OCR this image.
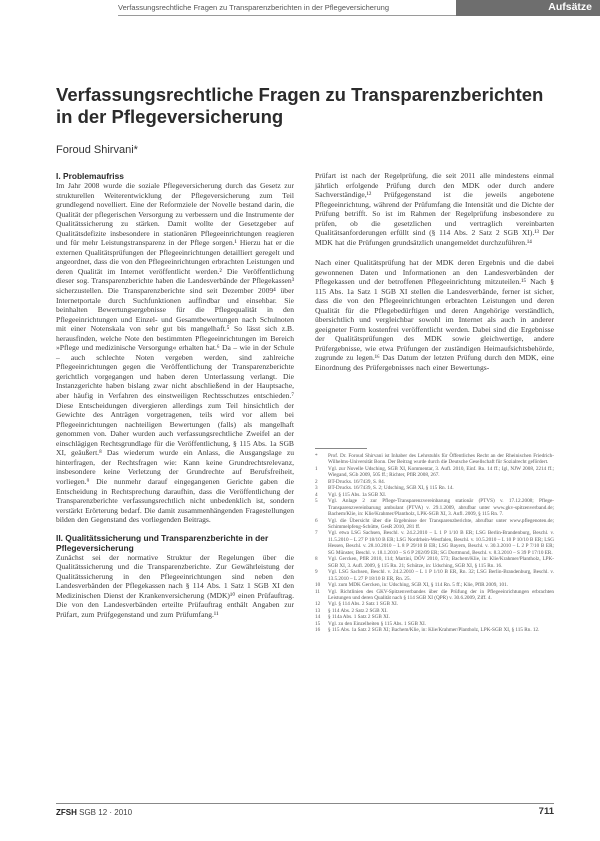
Verfassungsrechtliche Fragen zu Transparenzberichten in der Pflegeversicherung	Aufsätze
Verfassungsrechtliche Fragen zu Transparenzberichten in der Pflegeversicherung
Foroud Shirvani*
I. Problemaufriss

Im Jahr 2008 wurde die soziale Pflegeversicherung durch das Gesetz zur strukturellen Weiterentwicklung der Pflegeversicherung zum Teil grundlegend novelliert. Eine der Reformziele der Novelle bestand darin, die Qualität der pflegerischen Versorgung zu verbessern und die Instrumente der Qualitätssicherung zu stärken. Damit wollte der Gesetzgeber auf Qualitätsdefizite insbesondere in stationären Pflegeeinrichtungen reagieren und für mehr Leistungstransparenz in der Pflege sorgen.¹ Hierzu hat er die externen Qualitätsprüfungen der Pflegeeinrichtungen detailliert geregelt und angeordnet, dass die von den Pflegeeinrichtungen erbrachten Leistungen und deren Qualität im Internet veröffentlicht werden.² Die Veröffentlichung dieser sog. Transparenzberichte haben die Landesverbände der Pflegekassen³ sicherzustellen. Die Transparenzberichte sind seit Dezember 2009⁴ über Internetportale durch Suchfunktionen auffindbar und einsehbar. Sie beinhalten Bewertungsergebnisse für die Pflegequalität in den Pflegeeinrichtungen und Einzel- und Gesamtbewertungen nach Schulnoten mit einer Notenskala von sehr gut bis mangelhaft.⁵ So lässt sich z.B. herausfinden, welche Note den bestimmten Pflegeeinrichtungen im Bereich »Pflege und medizinische Versorgung« erhalten hat.⁶ Da – wie in der Schule – auch schlechte Noten vergeben werden, sind zahlreiche Pflegeeinrichtungen gegen die Veröffentlichung der Transparenzberichte gerichtlich vorgegangen und haben deren Unterlassung verlangt. Die Instanzgerichte haben bislang zwar nicht abschließend in der Hauptsache, aber häufig in Verfahren des einstweiligen Rechtsschutzes entschieden.⁷ Diese Entscheidungen divergieren allerdings zum Teil hinsichtlich der Gewichte des Anträgen vorgetragenen, teils wird vor allem bei Pflegeeinrichtungen nachteiligen Bewertungen (falls) als mangelhaft genommen von. Daher wurden auch verfassungsrechtliche Zweifel an der einschlägigen Rechtsgrundlage für die Veröffentlichung, § 115 Abs. 1a SGB XI, geäußert.⁸ Das wiederum wurde ein Anlass, die Ausgangslage zu hinterfragen, der Rechtsfragen wie: Kann keine Grundrechtsrelevanz, insbesondere keine Verletzung der Grundrechte auf Berufsfreiheit, vorliegen.⁹ Die nunmehr darauf eingegangenen Gerichte gaben die Entscheidung in Rechtsprechung daraufhin, dass die Veröffentlichung der Transparenzberichte verfassungsrechtlich nicht unbedenklich ist, sondern verstärkt Erörterung bedarf. Die damit zusammenhängenden Fragestellungen bilden den Gegenstand des vorliegenden Beitrags.

II. Qualitätssicherung und Transparenzberichte in der Pflegeversicherung

Zunächst sei der normative Struktur der Regelungen über die Qualitätssicherung und die Transparenzberichte. Zur Gewährleistung der Qualitätssicherung in den Pflegeeinrichtungen sind neben den Landesverbänden der Pflegekassen nach § 114 Abs. 1 Satz 1 SGB XI den Medizinischen Dienst der Krankenversicherung (MDK)¹⁰ einen Prüfauftrag. Die von den Landesverbänden erteilte Prüfauftrag enthält Angaben zur Prüfart, zum Prüfgegenstand und zum Prüfumfang.¹¹

Prüfart ist nach der Regelprüfung, die seit 2011 alle mindestens einmal jährlich erfolgende Prüfung durch den MDK oder durch andere Sachverständige,¹² Prüfgegenstand ist die jeweils angebotene Pflegeeinrichtung, während der Prüfumfang die Intensität und die Dichte der Prüfung betrifft. So ist im Rahmen der Regelprüfung insbesondere zu prüfen, ob die gesetzlichen und vertraglich vereinbarten Qualitätsanforderungen erfüllt sind (§ 114 Abs. 2 Satz 2 SGB XI).¹³ Der MDK hat die Prüfungen grundsätzlich unangemeldet durchzuführen.¹⁴

Nach einer Qualitätsprüfung hat der MDK deren Ergebnis und die dabei gewonnenen Daten und Informationen an den Landesverbänden der Pflegekassen und der betroffenen Pflegeeinrichtung mitzuteilen.¹⁵ Nach § 115 Abs. 1a Satz 1 SGB XI stellen die Landesverbände, ferner ist sicher, dass die von den Pflegeeinrichtungen erbrachten Leistungen und deren Qualität für die Pflegebedürftigen und deren Angehörige verständlich, übersichtlich und vergleichbar sowohl im Internet als auch in anderer geeigneter Form kostenfrei veröffentlicht werden. Dabei sind die Ergebnisse der Qualitätsprüfungen des MDK sowie gleichwertige, andere Prüfergebnisse, wie etwa Prüfungen der zuständigen Heimaufsichtsbehörde, zugrunde zu legen.¹⁶ Das Datum der letzten Prüfung durch den MDK, eine Einordnung des Prüfergebnisses nach einer Bewertungs-

*	Prof. Dr. Foroud Shirvani ist Inhaber des Lehrstuhls für Öffentliches Recht an der Rheinischen Friedrich-Wilhelms-Universität Bonn. Der Beitrag wurde durch die Deutsche Gesellschaft für Sozialrecht gefördert.
1	Vgl. zur Novelle Udsching, SGB XI, Kommentar, 3. Aufl. 2010, Einf. Rn. 14 ff.; Igl, NJW 2008, 2214 ff.; Wiegand, SGb 2009, 505 ff.; Richter, PflR 2008, 267.
2	BT-Drucks. 16/7439, S. 84.
3	BT-Drucks. 16/7439, S. 2; Udsching, SGB XI, § 115 Rn. 14.
4	Vgl. § 115 Abs. 1a SGB XI.
5	Vgl. Anlage 2 zur Pflege-Transparenzvereinbarung stationär (PTVS) v. 17.12.2008; Pflege-Transparenzvereinbarung ambulant (PTVA) v. 29.1.2009, abrufbar unter www.gkv-spitzenverband.de; Bachem/Klie, in: Klie/Krahmer/Plantholz, LPK-SGB XI, 3. Aufl. 2009, § 115 Rn. 7.
6	Vgl. die Übersicht über die Ergebnisse der Transparenzberichte, abrufbar unter www.pflegenoten.de; Schimmelpfeng-Schütte, GesR 2010, 281 ff.
7	Vgl. etwa LSG Sachsen, Beschl. v. 24.2.2010 – L 1 P 1/10 B ER; LSG Berlin-Brandenburg, Beschl. v. 11.5.2010 – L 27 P 18/10 B ER; LSG Nordrhein-Westfalen, Beschl. v. 10.5.2010 – L 10 P 10/10 B ER; LSG Hessen, Beschl. v. 28.10.2010 – L 8 P 29/10 B ER; LSG Bayern, Beschl. v. 30.3.2010 – L 2 P 7/10 B ER; SG Münster, Beschl. v. 18.1.2010 – S 6 P 202/09 ER; SG Dortmund, Beschl. v. 8.3.2010 – S 39 P 17/10 ER.
8	Vgl. Gercken, PflR 2010, 114; Martini, DÖV 2010, 573; Bachem/Klie, in: Klie/Krahmer/Plantholz, LPK-SGB XI, 3. Aufl. 2009, § 115 Rn. 21; Schütze, in: Udsching, SGB XI, § 115 Rn. 16.
9	Vgl. LSG Sachsen, Beschl. v. 24.2.2010 – L 1 P 1/10 B ER, Rn. 32; LSG Berlin-Brandenburg, Beschl. v. 13.5.2010 – L 27 P 18/10 B ER, Rn. 25.
10	Vgl. zum MDK Gercken, in: Udsching, SGB XI, § 114 Rn. 5 ff.; Klie, PflR 2009, 101.
11	Vgl. Richtlinien des GKV-Spitzenverbandes über die Prüfung der in Pflegeeinrichtungen erbrachten Leistungen und deren Qualität nach § 114 SGB XI (QPR) v. 30.6.2009, Ziff. 4.
12	Vgl. § 114 Abs. 2 Satz 1 SGB XI.
13	§ 114 Abs. 2 Satz 2 SGB XI.
14	§ 114a Abs. 1 Satz 2 SGB XI.
15	Vgl. zu den Einzelheiten § 115 Abs. 1 SGB XI.
16	§ 115 Abs. 1a Satz 2 SGB XI; Bachem/Klie, in: Klie/Krahmer/Plantholz, LPK-SGB XI, § 115 Rn. 12.
ZFSH SGB 12 · 2010	711
